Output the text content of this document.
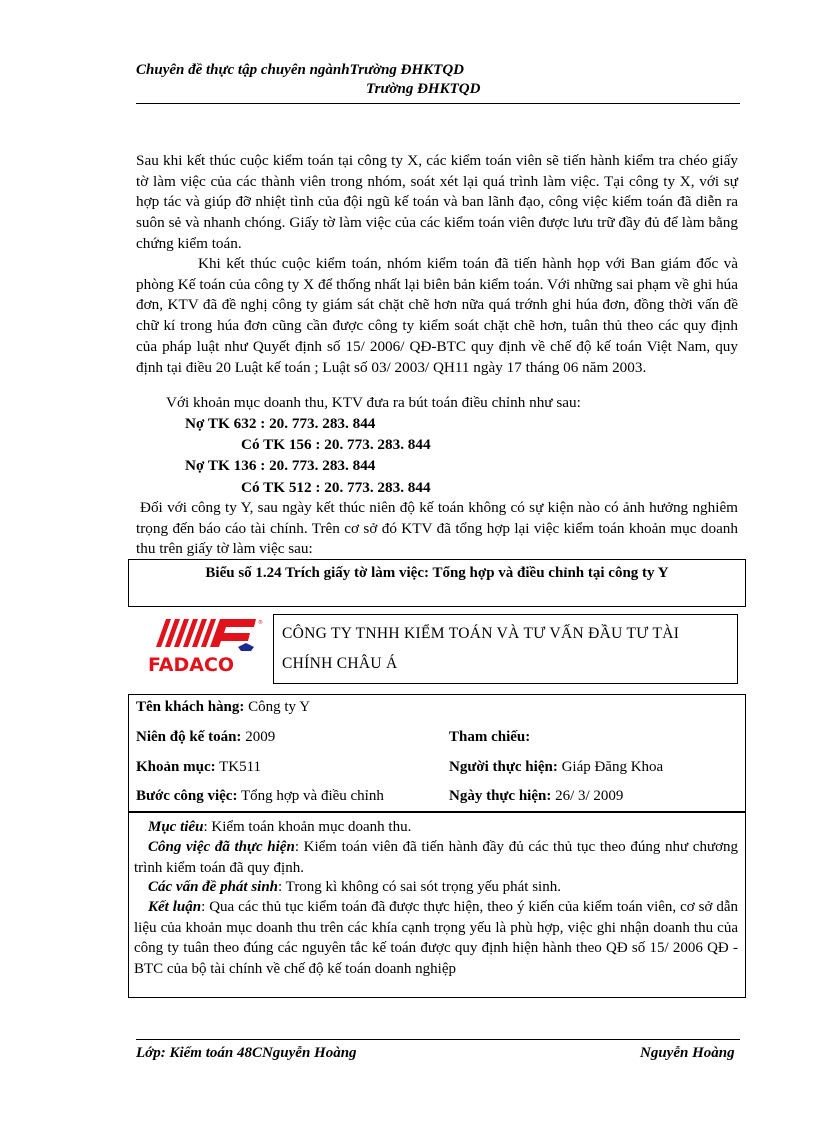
Chuyên đề thực tập chuyên ngànhTrường ĐHKTQD
Trường ĐHKTQD

Sau khi kết thúc cuộc kiểm toán tại công ty X, các kiểm toán viên sẽ tiến hành kiểm tra chéo giấy tờ làm việc của các thành viên trong nhóm, soát xét lại quá trình làm việc. Tại công ty X, với sự hợp tác và giúp đỡ nhiệt tình của đội ngũ kế toán và ban lãnh đạo, công việc kiểm toán đã diễn ra suôn sẻ và nhanh chóng. Giấy tờ làm việc của các kiểm toán viên được lưu trữ đầy đủ để làm bằng chứng kiểm toán.

Khi kết thúc cuộc kiểm toán, nhóm kiểm toán đã tiến hành họp với Ban giám đốc và phòng Kế toán của công ty X để thống nhất lại biên bản kiểm toán. Với những sai phạm về ghi húa đơn, KTV đã đề nghị công ty giám sát chặt chẽ hơn nữa quá trớnh ghi húa đơn, đồng thời vấn đề chữ kí trong húa đơn cũng cần được công ty kiểm soát chặt chẽ hơn, tuân thủ theo các quy định của pháp luật như Quyết định số 15/ 2006/ QĐ-BTC quy định về chế độ kế toán Việt Nam, quy định tại điều 20 Luật kế toán ; Luật số 03/ 2003/ QH11 ngày 17 tháng 06 năm 2003.

Với khoản mục doanh thu, KTV đưa ra bút toán điều chỉnh như sau:

Nợ TK 632 : 20. 773. 283. 844
Có TK 156 : 20. 773. 283. 844
Nợ TK 136 : 20. 773. 283. 844
Có TK 512 : 20. 773. 283. 844

Đối với công ty Y, sau ngày kết thúc niên độ kế toán không có sự kiện nào có ảnh hưởng nghiêm trọng đến báo cáo tài chính. Trên cơ sở đó KTV đã tổng hợp lại việc kiểm toán khoản mục doanh thu trên giấy tờ làm việc sau:

Biểu số 1.24 Trích giấy tờ làm việc: Tổng hợp và điều chỉnh tại công ty Y
®
FADACO
CÔNG TY TNHH KIỂM TOÁN VÀ TƯ VẤN ĐẦU TƯ TÀI
CHÍNH CHÂU Á
Tên khách hàng: Công ty Y
Niên độ kế toán: 2009	Tham chiếu:
Khoản mục: TK511	Người thực hiện: Giáp Đăng Khoa
Bước công việc: Tổng hợp và điều chỉnh	Ngày thực hiện: 26/ 3/ 2009

Mục tiêu: Kiểm toán khoản mục doanh thu.

Công việc đã thực hiện: Kiểm toán viên đã tiến hành đầy đủ các thủ tục theo đúng như chương trình kiểm toán đã quy định.

Các vấn đề phát sinh: Trong kì không có sai sót trọng yếu phát sinh.

Kết luận: Qua các thủ tục kiểm toán đã được thực hiện, theo ý kiến của kiểm toán viên, cơ sở dẫn liệu của khoản mục doanh thu trên các khía cạnh trọng yếu là phù hợp, việc ghi nhận doanh thu của công ty tuân theo đúng các nguyên tắc kế toán được quy định hiện hành theo QĐ số 15/ 2006 QĐ - BTC của bộ tài chính về chế độ kế toán doanh nghiệp

Lớp: Kiểm toán 48CNguyễn Hoàng	Nguyễn Hoàng
